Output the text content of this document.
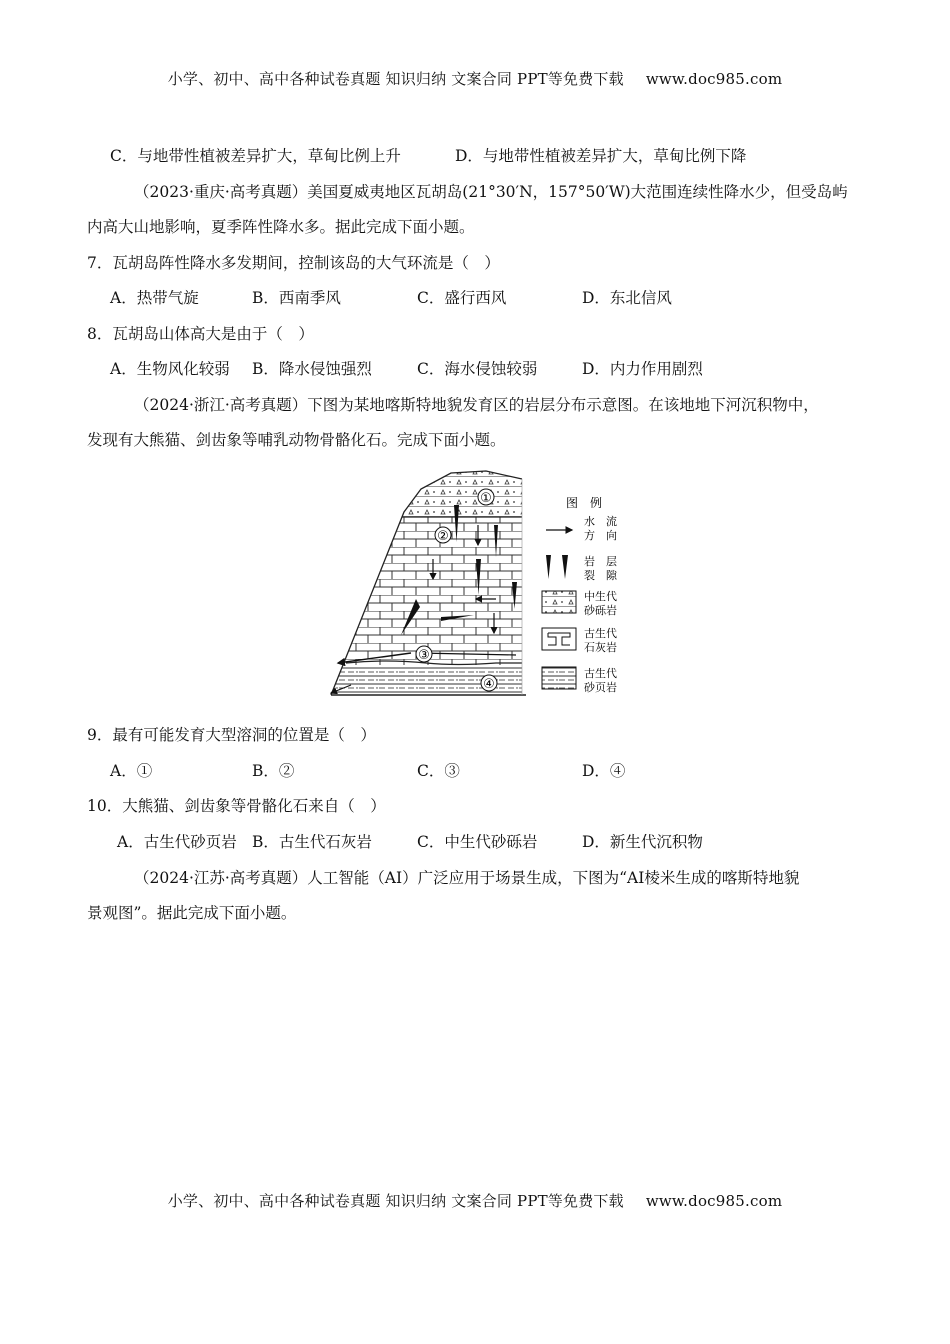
小学、初中、高中各种试卷真题 知识归纳 文案合同 PPT等免费下载 www.doc985.com
C．与地带性植被差异扩大，草甸比例上升	D．与地带性植被差异扩大，草甸比例下降
（2023·重庆·高考真题）美国夏威夷地区瓦胡岛(21°30′N，157°50′W)大范围连续性降水少，但受岛屿
内高大山地影响，夏季阵性降水多。据此完成下面小题。
7．瓦胡岛阵性降水多发期间，控制该岛的大气环流是（　）
A．热带气旋	B．西南季风	C．盛行西风	D．东北信风
8．瓦胡岛山体高大是由于（　）
A．生物风化较弱 B．降水侵蚀强烈	C．海水侵蚀较弱	D．内力作用剧烈
（2024·浙江·高考真题）下图为某地喀斯特地貌发育区的岩层分布示意图。在该地地下河沉积物中，
发现有大熊猫、剑齿象等哺乳动物骨骼化石。完成下面小题。
①
②
③
④
图　例
水　流
方　向
岩　层
裂　隙
中生代
砂砾岩
古生代
石灰岩
古生代
砂页岩
9．最有可能发育大型溶洞的位置是（　）
A．①	B．②	C．③	D．④
10．大熊猫、剑齿象等骨骼化石来自（　）
A．古生代砂页岩 B．古生代石灰岩	C．中生代砂砾岩	D．新生代沉积物
（2024·江苏·高考真题）人工智能（AI）广泛应用于场景生成，下图为“AI棱米生成的喀斯特地貌
景观图”。据此完成下面小题。
小学、初中、高中各种试卷真题 知识归纳 文案合同 PPT等免费下载 www.doc985.com
